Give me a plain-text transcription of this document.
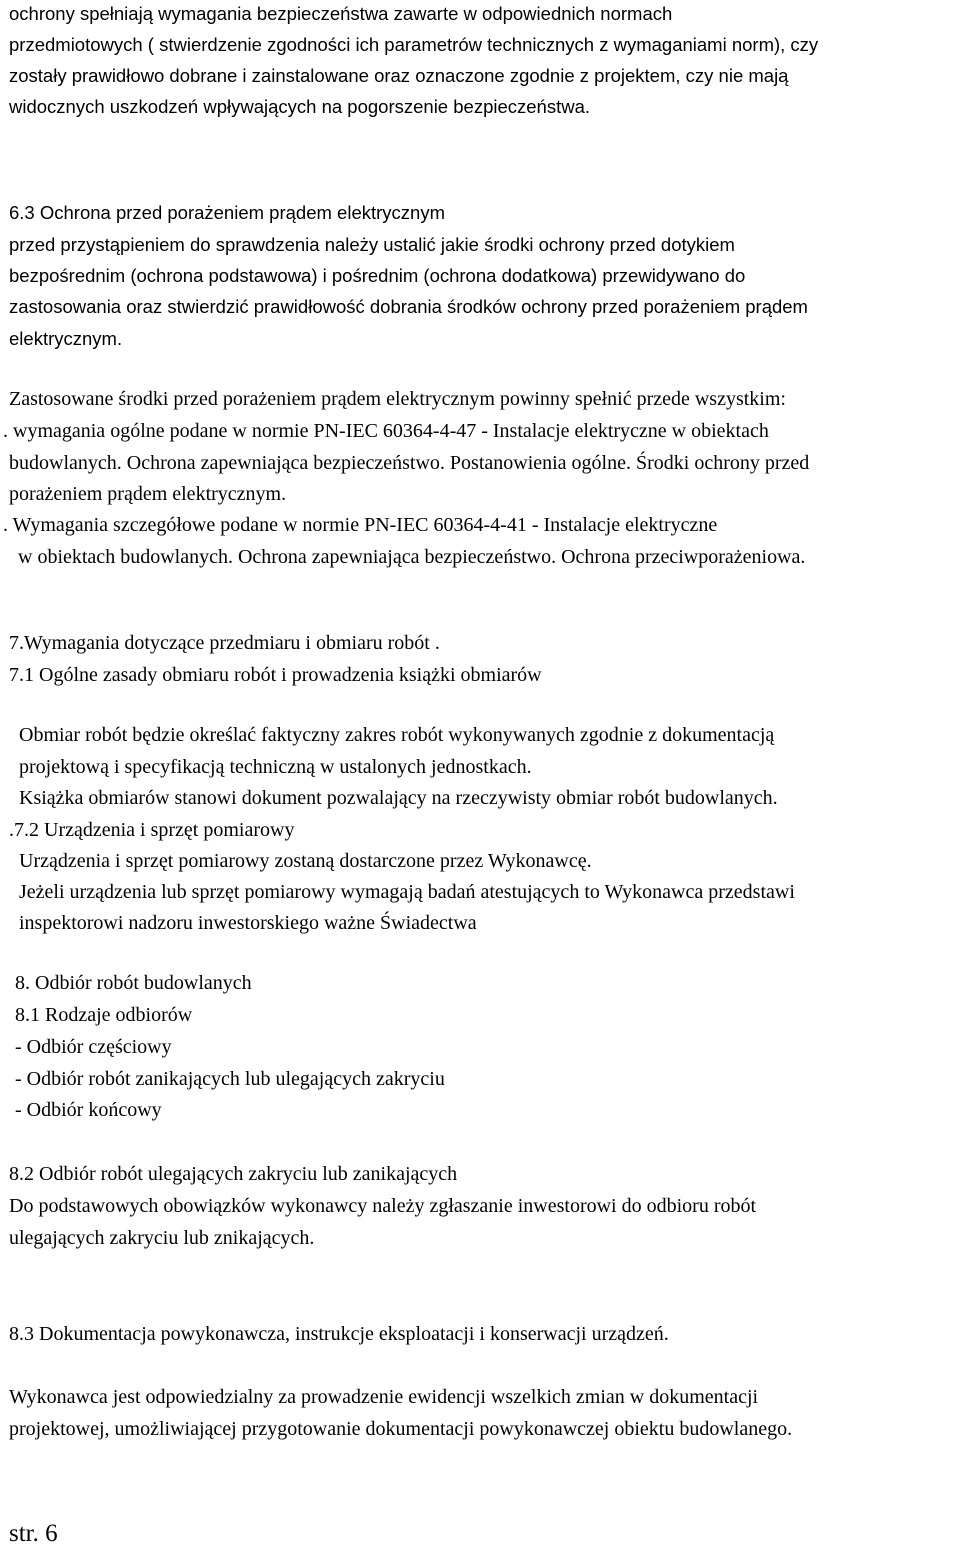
ochrony spełniają wymagania bezpieczeństwa zawarte w odpowiednich normach
przedmiotowych ( stwierdzenie zgodności ich parametrów technicznych z wymaganiami norm), czy
zostały prawidłowo dobrane i zainstalowane oraz oznaczone zgodnie z projektem, czy nie mają
widocznych uszkodzeń wpływających na pogorszenie bezpieczeństwa.
6.3 Ochrona przed porażeniem prądem elektrycznym
przed przystąpieniem do sprawdzenia należy ustalić jakie środki ochrony przed dotykiem
bezpośrednim (ochrona podstawowa) i pośrednim (ochrona dodatkowa) przewidywano do
zastosowania oraz stwierdzić prawidłowość dobrania środków ochrony przed porażeniem prądem
elektrycznym.
Zastosowane środki przed porażeniem prądem elektrycznym powinny spełnić przede wszystkim:
. wymagania ogólne podane w normie PN-IEC 60364-4-47 - Instalacje elektryczne w obiektach
budowlanych. Ochrona zapewniająca bezpieczeństwo. Postanowienia ogólne. Środki ochrony przed
porażeniem prądem elektrycznym.
. Wymagania szczegółowe podane w normie PN-IEC 60364-4-41 - Instalacje elektryczne
w obiektach budowlanych. Ochrona zapewniająca bezpieczeństwo. Ochrona przeciwporażeniowa.
7.Wymagania dotyczące przedmiaru i obmiaru robót .
7.1 Ogólne zasady obmiaru robót i prowadzenia książki obmiarów
Obmiar robót będzie określać faktyczny zakres robót wykonywanych zgodnie z dokumentacją
projektową i specyfikacją techniczną w ustalonych jednostkach.
Książka obmiarów stanowi dokument pozwalający na rzeczywisty obmiar robót budowlanych.
.7.2 Urządzenia i sprzęt pomiarowy
Urządzenia i sprzęt pomiarowy zostaną dostarczone przez Wykonawcę.
Jeżeli urządzenia lub sprzęt pomiarowy wymagają badań atestujących to Wykonawca przedstawi
inspektorowi nadzoru inwestorskiego ważne Świadectwa
8. Odbiór robót budowlanych
8.1 Rodzaje odbiorów
- Odbiór częściowy
- Odbiór robót zanikających lub ulegających zakryciu
- Odbiór końcowy
8.2 Odbiór robót ulegających zakryciu lub zanikających
Do podstawowych obowiązków wykonawcy należy zgłaszanie inwestorowi do odbioru robót
ulegających zakryciu lub znikających.
8.3 Dokumentacja powykonawcza, instrukcje eksploatacji i konserwacji urządzeń.
Wykonawca jest odpowiedzialny za prowadzenie ewidencji wszelkich zmian w dokumentacji
projektowej, umożliwiającej przygotowanie dokumentacji powykonawczej obiektu budowlanego.
str. 6
